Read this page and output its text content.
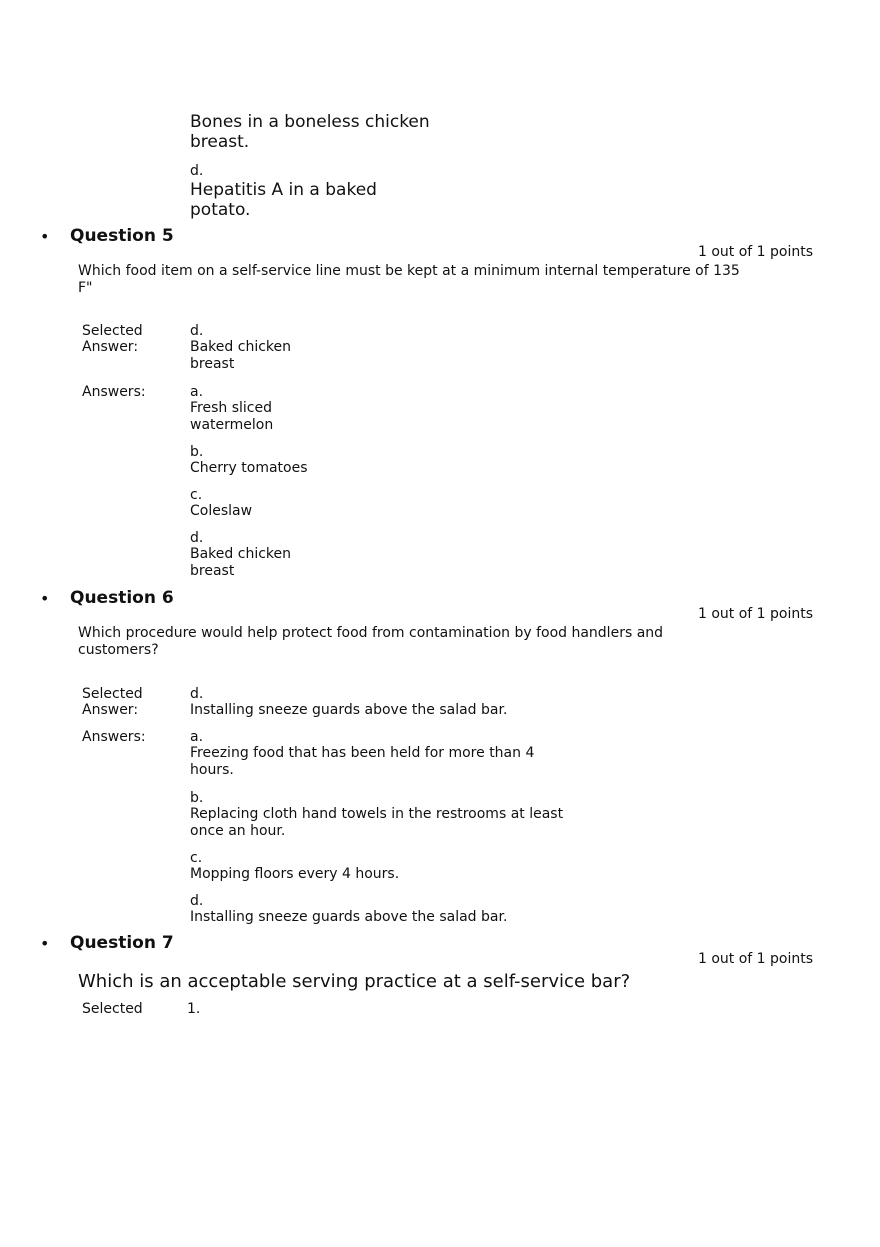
Bones in a boneless chicken breast.
d.
Hepatitis A in a baked potato.
• Question 5
1 out of 1 points
Which food item on a self-service line must be kept at a minimum internal temperature of 135 F"
Selected Answer:
d.
Baked chicken breast
Answers:	a.
Fresh sliced watermelon
b.
Cherry tomatoes
c.
Coleslaw
d.
Baked chicken breast
• Question 6
1 out of 1 points
Which procedure would help protect food from contamination by food handlers and customers?
Selected Answer:
d.
Installing sneeze guards above the salad bar.
Answers:	a.
Freezing food that has been held for more than 4 hours.
b.
Replacing cloth hand towels in the restrooms at least once an hour.
c.
Mopping floors every 4 hours.
d.
Installing sneeze guards above the salad bar.
• Question 7
1 out of 1 points
Which is an acceptable serving practice at a self-service bar?
Selected	1.
